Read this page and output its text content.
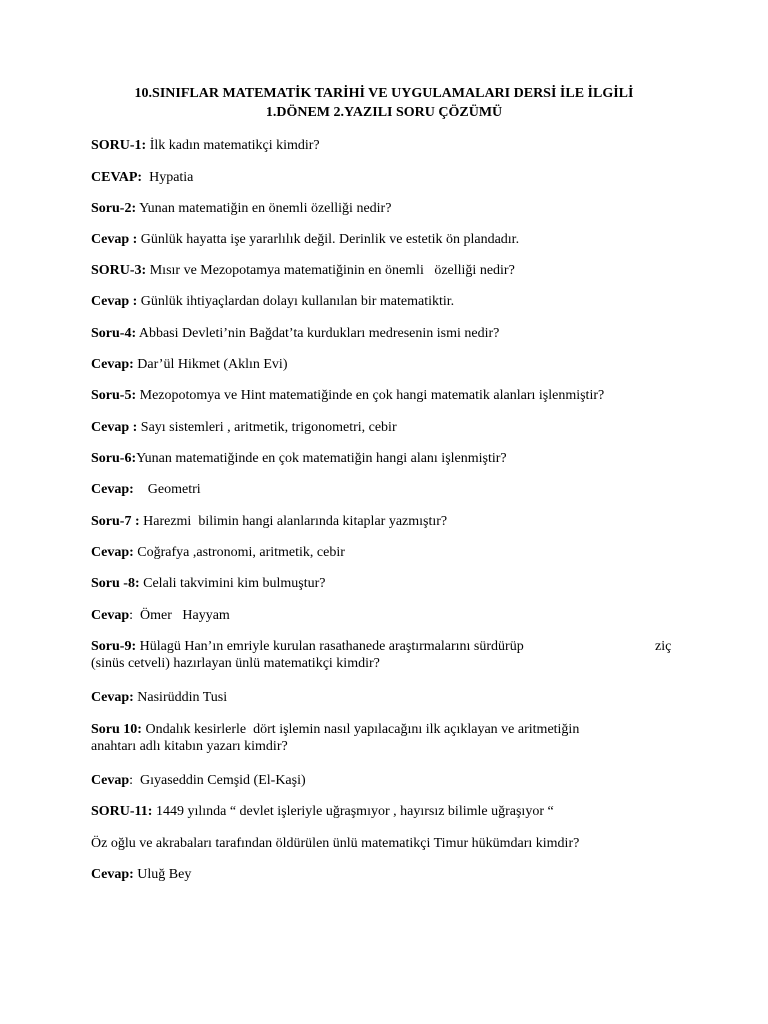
10.SINIFLAR MATEMATİK TARİHİ VE UYGULAMALARI DERSİ İLE İLGİLİ
1.DÖNEM 2.YAZILI SORU ÇÖZÜMÜ
SORU-1: İlk kadın matematikçi kimdir?
CEVAP:  Hypatia
Soru-2: Yunan matematiğin en önemli özelliği nedir?
Cevap : Günlük hayatta işe yararlılık değil. Derinlik ve estetik ön plandadır.
SORU-3: Mısır ve Mezopotamya matematiğinin en önemli   özelliği nedir?
Cevap : Günlük ihtiyaçlardan dolayı kullanılan bir matematiktir.
Soru-4: Abbasi Devleti’nin Bağdat’ta kurdukları medresenin ismi nedir?
Cevap: Dar’ül Hikmet (Aklın Evi)
Soru-5: Mezopotomya ve Hint matematiğinde en çok hangi matematik alanları işlenmiştir?
Cevap : Sayı sistemleri , aritmetik, trigonometri, cebir
Soru-6:Yunan matematiğinde en çok matematiğin hangi alanı işlenmiştir?
Cevap:    Geometri
Soru-7 : Harezmi  bilimin hangi alanlarında kitaplar yazmıştır?
Cevap: Coğrafya ,astronomi, aritmetik, cebir
Soru -8: Celali takvimini kim bulmuştur?
Cevap:  Ömer   Hayyam
Soru-9: Hülagü Han’ın emriyle kurulan rasathanede araştırmalarını sürdürüp	ziç

(sinüs cetveli) hazırlayan ünlü matematikçi kimdir?
Cevap: Nasirüddin Tusi
Soru 10: Ondalık kesirlerle  dört işlemin nasıl yapılacağını ilk açıklayan ve aritmetiğin
anahtarı adlı kitabın yazarı kimdir?
Cevap:  Gıyaseddin Cemşid (El-Kaşi)
SORU-11: 1449 yılında “ devlet işleriyle uğraşmıyor , hayırsız bilimle uğraşıyor “
Öz oğlu ve akrabaları tarafından öldürülen ünlü matematikçi Timur hükümdarı kimdir?
Cevap: Uluğ Bey
